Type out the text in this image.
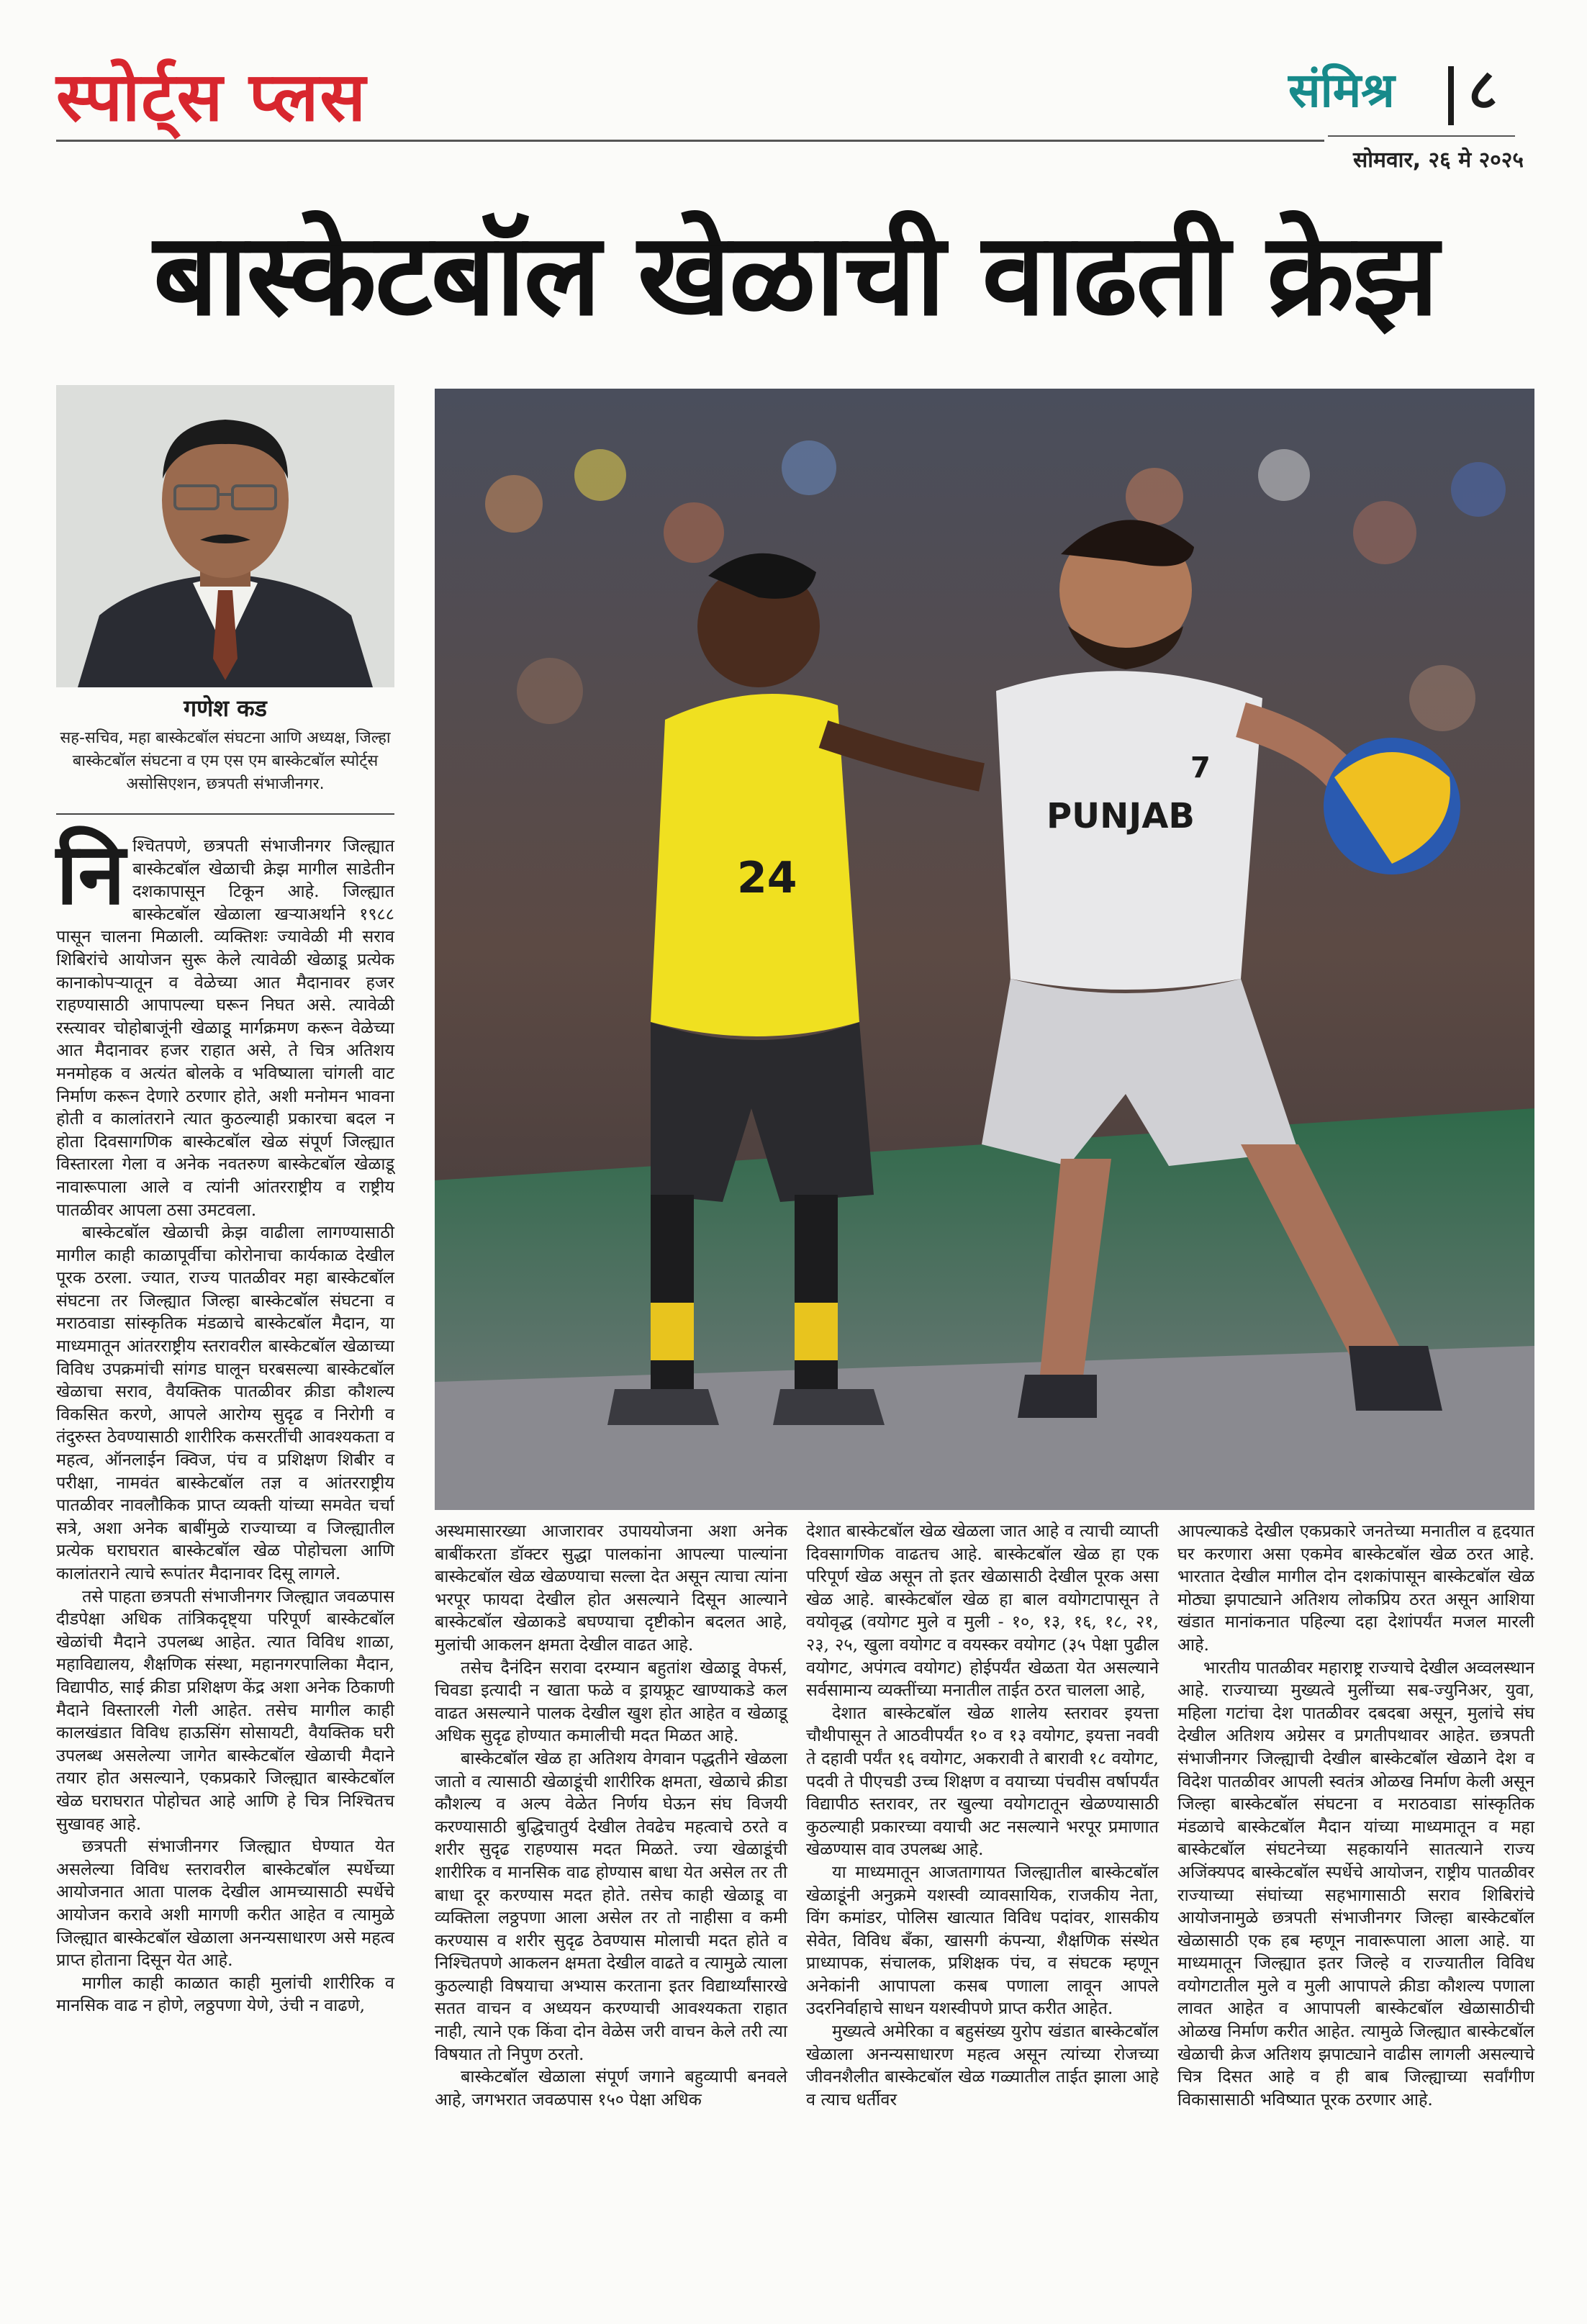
स्पोर्ट्स प्लस	संमिश्र ८
सोमवार, २६ मे २०२५
बास्केटबॉल खेळाची वाढती क्रेझ
गणेश कड
सह-सचिव, महा बास्केटबॉल संघटना आणि अध्यक्ष, जिल्हा बास्केटबॉल संघटना व एम एस एम बास्केटबॉल स्पोर्ट्स असोसिएशन, छत्रपती संभाजीनगर.
24
PUNJAB
7

निश्चितपणे, छत्रपती संभाजीनगर जिल्ह्यात बास्केटबॉल खेळाची क्रेझ मागील साडेतीन दशकापासून टिकून आहे. जिल्ह्यात बास्केटबॉल खेळाला खऱ्याअर्थाने १९८८ पासून चालना मिळाली. व्यक्तिशः ज्यावेळी मी सराव शिबिरांचे आयोजन सुरू केले त्यावेळी खेळाडू प्रत्येक कानाकोपऱ्यातून व वेळेच्या आत मैदानावर हजर राहण्यासाठी आपापल्या घरून निघत असे. त्यावेळी रस्त्यावर चोहोबाजूंनी खेळाडू मार्गक्रमण करून वेळेच्या आत मैदानावर हजर राहात असे, ते चित्र अतिशय मनमोहक व अत्यंत बोलके व भविष्याला चांगली वाट निर्माण करून देणारे ठरणार होते, अशी मनोमन भावना होती व कालांतराने त्यात कुठल्याही प्रकारचा बदल न होता दिवसागणिक बास्केटबॉल खेळ संपूर्ण जिल्ह्यात विस्तारला गेला व अनेक नवतरुण बास्केटबॉल खेळाडू नावारूपाला आले व त्यांनी आंतरराष्ट्रीय व राष्ट्रीय पातळीवर आपला ठसा उमटवला.

बास्केटबॉल खेळाची क्रेझ वाढीला लागण्यासाठी मागील काही काळापूर्वीचा कोरोनाचा कार्यकाळ देखील पूरक ठरला. ज्यात, राज्य पातळीवर महा बास्केटबॉल संघटना तर जिल्ह्यात जिल्हा बास्केटबॉल संघटना व मराठवाडा सांस्कृतिक मंडळाचे बास्केटबॉल मैदान, या माध्यमातून आंतरराष्ट्रीय स्तरावरील बास्केटबॉल खेळाच्या विविध उपक्रमांची सांगड घालून घरबसल्या बास्केटबॉल खेळाचा सराव, वैयक्तिक पातळीवर क्रीडा कौशल्य विकसित करणे, आपले आरोग्य सुदृढ व निरोगी व तंदुरुस्त ठेवण्यासाठी शारीरिक कसरतींची आवश्यकता व महत्व, ऑनलाईन क्विज, पंच व प्रशिक्षण शिबीर व परीक्षा, नामवंत बास्केटबॉल तज्ञ व आंतरराष्ट्रीय पातळीवर नावलौकिक प्राप्त व्यक्ती यांच्या समवेत चर्चा सत्रे, अशा अनेक बाबींमुळे राज्याच्या व जिल्ह्यातील प्रत्येक घराघरात बास्केटबॉल खेळ पोहोचला आणि कालांतराने त्याचे रूपांतर मैदानावर दिसू लागले.

तसे पाहता छत्रपती संभाजीनगर जिल्ह्यात जवळपास दीडपेक्षा अधिक तांत्रिकदृष्ट्या परिपूर्ण बास्केटबॉल खेळांची मैदाने उपलब्ध आहेत. त्यात विविध शाळा, महाविद्यालय, शैक्षणिक संस्था, महानगरपालिका मैदान, विद्यापीठ, साई क्रीडा प्रशिक्षण केंद्र अशा अनेक ठिकाणी मैदाने विस्तारली गेली आहेत. तसेच मागील काही कालखंडात विविध हाऊसिंग सोसायटी, वैयक्तिक घरी उपलब्ध असलेल्या जागेत बास्केटबॉल खेळाची मैदाने तयार होत असल्याने, एकप्रकारे जिल्ह्यात बास्केटबॉल खेळ घराघरात पोहोचत आहे आणि हे चित्र निश्चितच सुखावह आहे.

छत्रपती संभाजीनगर जिल्ह्यात घेण्यात येत असलेल्या विविध स्तरावरील बास्केटबॉल स्पर्धेच्या आयोजनात आता पालक देखील आमच्यासाठी स्पर्धेचे आयोजन करावे अशी मागणी करीत आहेत व त्यामुळे जिल्ह्यात बास्केटबॉल खेळाला अनन्यसाधारण असे महत्व प्राप्त होताना दिसून येत आहे.

मागील काही काळात काही मुलांची शारीरिक व मानसिक वाढ न होणे, लठ्ठपणा येणे, उंची न वाढणे,

अस्थमासारख्या आजारावर उपाययोजना अशा अनेक बाबींकरता डॉक्टर सुद्धा पालकांना आपल्या पाल्यांना बास्केटबॉल खेळ खेळण्याचा सल्ला देत असून त्याचा त्यांना भरपूर फायदा देखील होत असल्याने दिसून आल्याने बास्केटबॉल खेळाकडे बघण्याचा दृष्टीकोन बदलत आहे, मुलांची आकलन क्षमता देखील वाढत आहे.

तसेच दैनंदिन सरावा दरम्यान बहुतांश खेळाडू वेफर्स, चिवडा इत्यादी न खाता फळे व ड्रायफ्रूट खाण्याकडे कल वाढत असल्याने पालक देखील खुश होत आहेत व खेळाडू अधिक सुदृढ होण्यात कमालीची मदत मिळत आहे.

बास्केटबॉल खेळ हा अतिशय वेगवान पद्धतीने खेळला जातो व त्यासाठी खेळाडूंची शारीरिक क्षमता, खेळाचे क्रीडा कौशल्य व अल्प वेळेत निर्णय घेऊन संघ विजयी करण्यासाठी बुद्धिचातुर्य देखील तेवढेच महत्वाचे ठरते व शरीर सुदृढ राहण्यास मदत मिळते. ज्या खेळाडूंची शारीरिक व मानसिक वाढ होण्यास बाधा येत असेल तर ती बाधा दूर करण्यास मदत होते. तसेच काही खेळाडू वा व्यक्तिला लठ्ठपणा आला असेल तर तो नाहीसा व कमी करण्यास व शरीर सुदृढ ठेवण्यास मोलाची मदत होते व निश्चितपणे आकलन क्षमता देखील वाढते व त्यामुळे त्याला कुठल्याही विषयाचा अभ्यास करताना इतर विद्यार्थ्यांसारखे सतत वाचन व अध्ययन करण्याची आवश्यकता राहात नाही, त्याने एक किंवा दोन वेळेस जरी वाचन केले तरी त्या विषयात तो निपुण ठरतो.

बास्केटबॉल खेळाला संपूर्ण जगाने बहुव्यापी बनवले आहे, जगभरात जवळपास १५० पेक्षा अधिक

देशात बास्केटबॉल खेळ खेळला जात आहे व त्याची व्याप्ती दिवसागणिक वाढतच आहे. बास्केटबॉल खेळ हा एक परिपूर्ण खेळ असून तो इतर खेळासाठी देखील पूरक असा खेळ आहे. बास्केटबॉल खेळ हा बाल वयोगटापासून ते वयोवृद्ध (वयोगट मुले व मुली - १०, १३, १६, १८, २१, २३, २५, खुला वयोगट व वयस्कर वयोगट (३५ पेक्षा पुढील वयोगट, अपंगत्व वयोगट) होईपर्यंत खेळता येत असल्याने सर्वसामान्य व्यक्तींच्या मनातील ताईत ठरत चालला आहे,

देशात बास्केटबॉल खेळ शालेय स्तरावर इयत्ता चौथीपासून ते आठवीपर्यंत १० व १३ वयोगट, इयत्ता नववी ते दहावी पर्यंत १६ वयोगट, अकरावी ते बारावी १८ वयोगट, पदवी ते पीएचडी उच्च शिक्षण व वयाच्या पंचवीस वर्षापर्यंत विद्यापीठ स्तरावर, तर खुल्या वयोगटातून खेळण्यासाठी कुठल्याही प्रकारच्या वयाची अट नसल्याने भरपूर प्रमाणात खेळण्यास वाव उपलब्ध आहे.

या माध्यमातून आजतागायत जिल्ह्यातील बास्केटबॉल खेळाडूंनी अनुक्रमे यशस्वी व्यावसायिक, राजकीय नेता, विंग कमांडर, पोलिस खात्यात विविध पदांवर, शासकीय सेवेत, विविध बँका, खासगी कंपन्या, शैक्षणिक संस्थेत प्राध्यापक, संचालक, प्रशिक्षक पंच, व संघटक म्हणून अनेकांनी आपापला कसब पणाला लावून आपले उदरनिर्वाहाचे साधन यशस्वीपणे प्राप्त करीत आहेत.

मुख्यत्वे अमेरिका व बहुसंख्य युरोप खंडात बास्केटबॉल खेळाला अनन्यसाधारण महत्व असून त्यांच्या रोजच्या जीवनशैलीत बास्केटबॉल खेळ गळ्यातील ताईत झाला आहे व त्याच धर्तीवर

आपल्याकडे देखील एकप्रकारे जनतेच्या मनातील व हृदयात घर करणारा असा एकमेव बास्केटबॉल खेळ ठरत आहे. भारतात देखील मागील दोन दशकांपासून बास्केटबॉल खेळ मोठ्या झपाट्याने अतिशय लोकप्रिय ठरत असून आशिया खंडात मानांकनात पहिल्या दहा देशांपर्यंत मजल मारली आहे.

भारतीय पातळीवर महाराष्ट्र राज्याचे देखील अव्वलस्थान आहे. राज्याच्या मुख्यत्वे मुलींच्या सब-ज्युनिअर, युवा, महिला गटांचा देश पातळीवर दबदबा असून, मुलांचे संघ देखील अतिशय अग्रेसर व प्रगतीपथावर आहेत. छत्रपती संभाजीनगर जिल्ह्याची देखील बास्केटबॉल खेळाने देश व विदेश पातळीवर आपली स्वतंत्र ओळख निर्माण केली असून जिल्हा बास्केटबॉल संघटना व मराठवाडा सांस्कृतिक मंडळाचे बास्केटबॉल मैदान यांच्या माध्यमातून व महा बास्केटबॉल संघटनेच्या सहकार्याने सातत्याने राज्य अजिंक्यपद बास्केटबॉल स्पर्धेचे आयोजन, राष्ट्रीय पातळीवर राज्याच्या संघांच्या सहभागासाठी सराव शिबिरांचे आयोजनामुळे छत्रपती संभाजीनगर जिल्हा बास्केटबॉल खेळासाठी एक हब म्हणून नावारूपाला आला आहे. या माध्यमातून जिल्ह्यात इतर जिल्हे व राज्यातील विविध वयोगटातील मुले व मुली आपापले क्रीडा कौशल्य पणाला लावत आहेत व आपापली बास्केटबॉल खेळासाठीची ओळख निर्माण करीत आहेत. त्यामुळे जिल्ह्यात बास्केटबॉल खेळाची क्रेज अतिशय झपाट्याने वाढीस लागली असल्याचे चित्र दिसत आहे व ही बाब जिल्ह्याच्या सर्वांगीण विकासासाठी भविष्यात पूरक ठरणार आहे.
